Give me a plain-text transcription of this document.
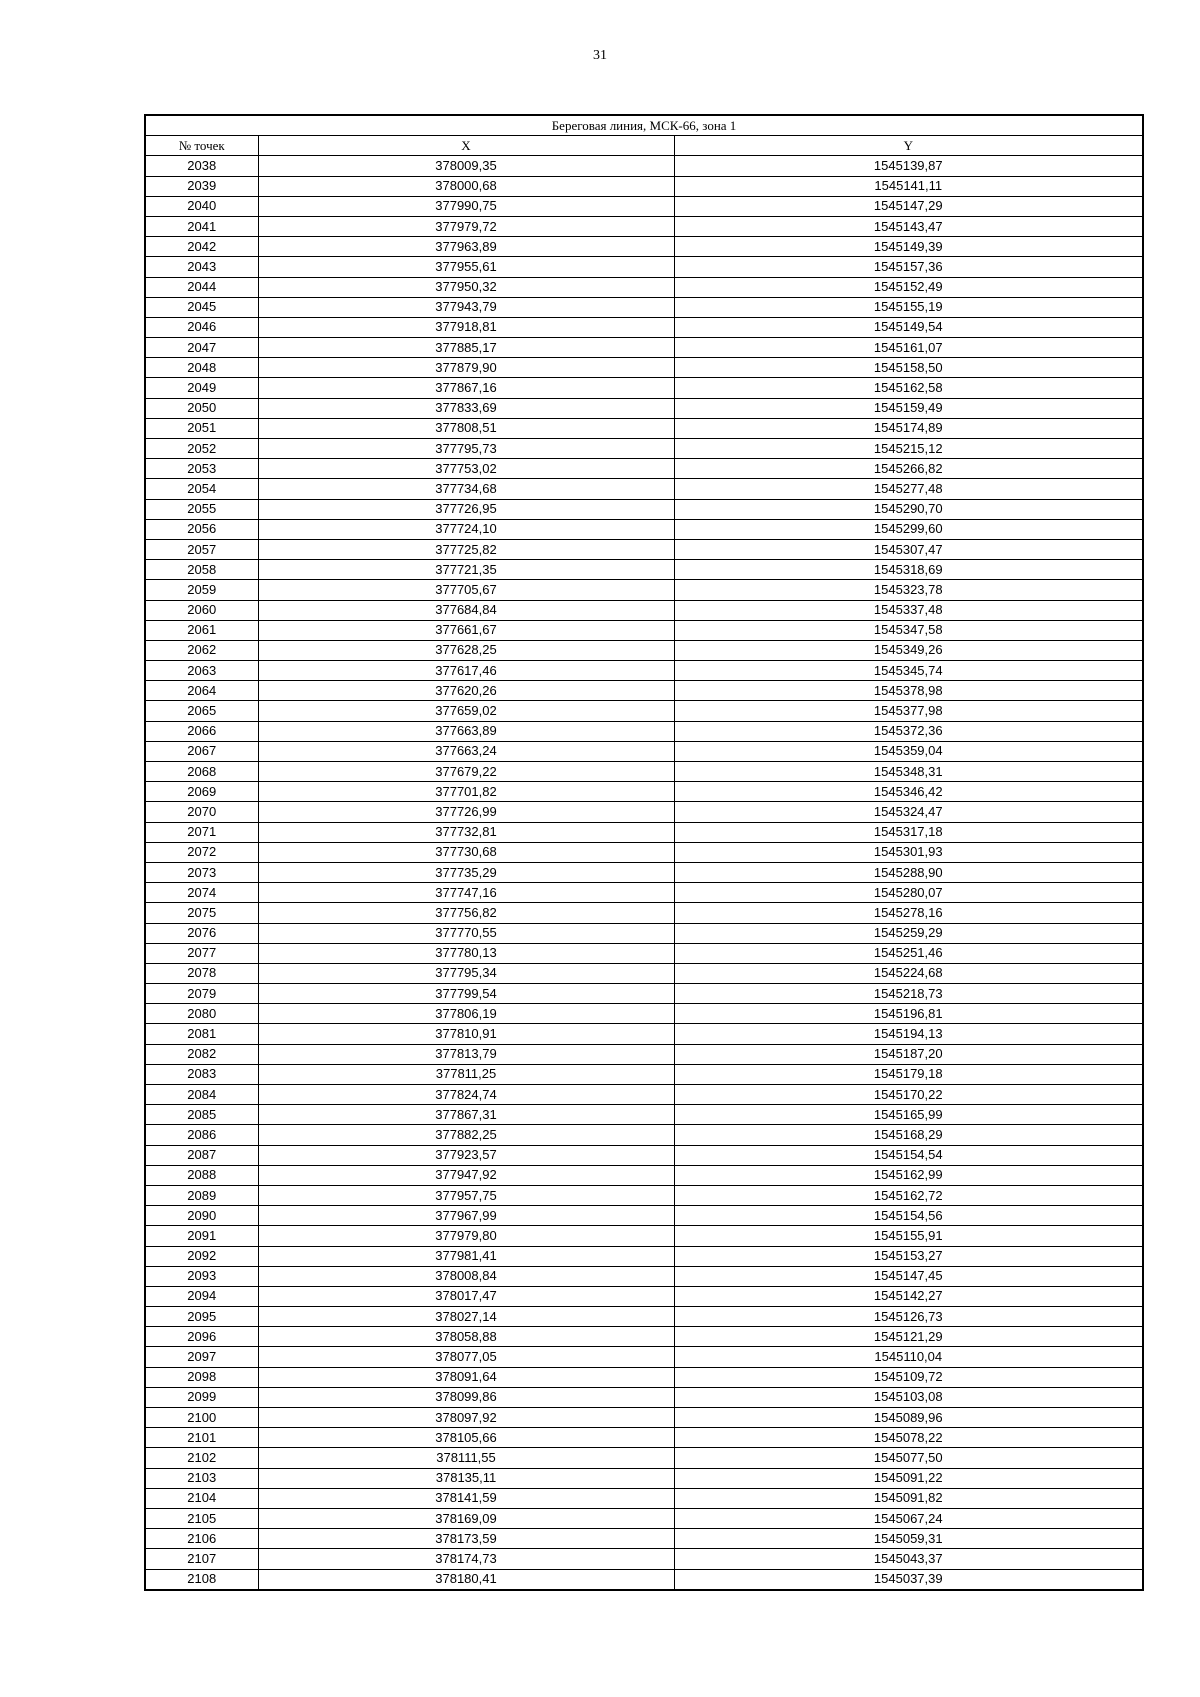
31
Береговая линия, МСК-66, зона 1		
№ точек	X	Y
2038	378009,35	1545139,87
2039	378000,68	1545141,11
2040	377990,75	1545147,29
2041	377979,72	1545143,47
2042	377963,89	1545149,39
2043	377955,61	1545157,36
2044	377950,32	1545152,49
2045	377943,79	1545155,19
2046	377918,81	1545149,54
2047	377885,17	1545161,07
2048	377879,90	1545158,50
2049	377867,16	1545162,58
2050	377833,69	1545159,49
2051	377808,51	1545174,89
2052	377795,73	1545215,12
2053	377753,02	1545266,82
2054	377734,68	1545277,48
2055	377726,95	1545290,70
2056	377724,10	1545299,60
2057	377725,82	1545307,47
2058	377721,35	1545318,69
2059	377705,67	1545323,78
2060	377684,84	1545337,48
2061	377661,67	1545347,58
2062	377628,25	1545349,26
2063	377617,46	1545345,74
2064	377620,26	1545378,98
2065	377659,02	1545377,98
2066	377663,89	1545372,36
2067	377663,24	1545359,04
2068	377679,22	1545348,31
2069	377701,82	1545346,42
2070	377726,99	1545324,47
2071	377732,81	1545317,18
2072	377730,68	1545301,93
2073	377735,29	1545288,90
2074	377747,16	1545280,07
2075	377756,82	1545278,16
2076	377770,55	1545259,29
2077	377780,13	1545251,46
2078	377795,34	1545224,68
2079	377799,54	1545218,73
2080	377806,19	1545196,81
2081	377810,91	1545194,13
2082	377813,79	1545187,20
2083	377811,25	1545179,18
2084	377824,74	1545170,22
2085	377867,31	1545165,99
2086	377882,25	1545168,29
2087	377923,57	1545154,54
2088	377947,92	1545162,99
2089	377957,75	1545162,72
2090	377967,99	1545154,56
2091	377979,80	1545155,91
2092	377981,41	1545153,27
2093	378008,84	1545147,45
2094	378017,47	1545142,27
2095	378027,14	1545126,73
2096	378058,88	1545121,29
2097	378077,05	1545110,04
2098	378091,64	1545109,72
2099	378099,86	1545103,08
2100	378097,92	1545089,96
2101	378105,66	1545078,22
2102	378111,55	1545077,50
2103	378135,11	1545091,22
2104	378141,59	1545091,82
2105	378169,09	1545067,24
2106	378173,59	1545059,31
2107	378174,73	1545043,37
2108	378180,41	1545037,39
